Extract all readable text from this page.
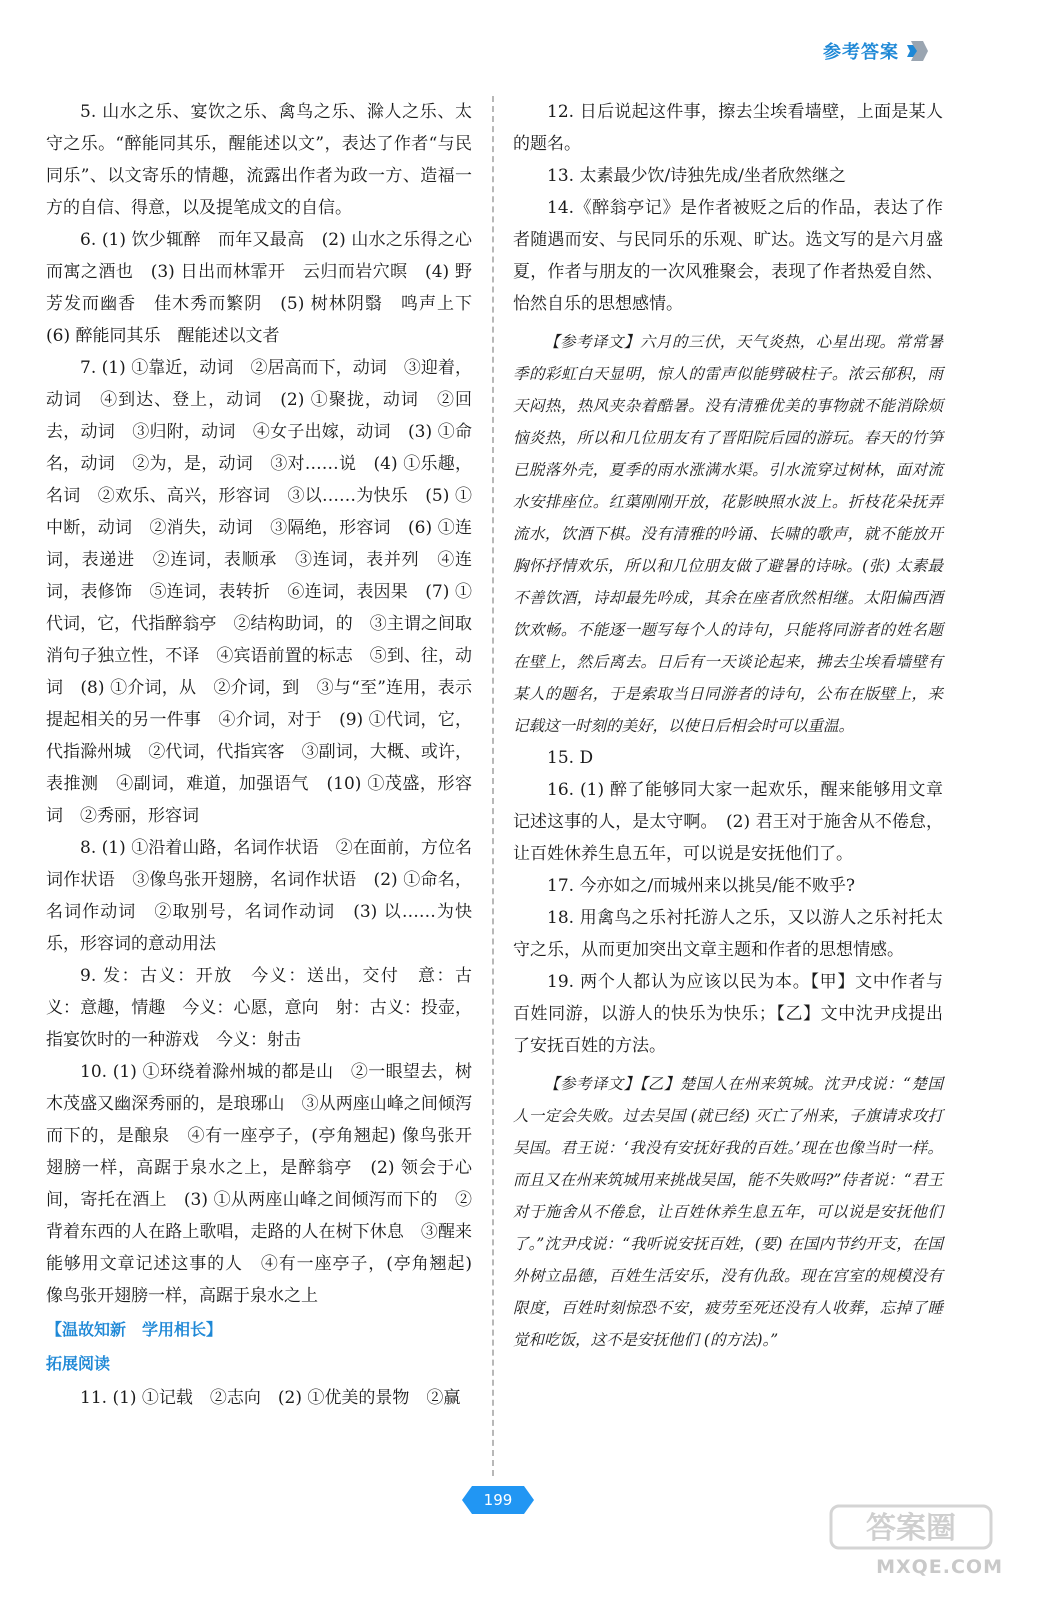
参考答案

5. 山水之乐、宴饮之乐、禽鸟之乐、滁人之乐、太守之乐。“醉能同其乐，醒能述以文”，表达了作者“与民同乐”、以文寄乐的情趣，流露出作者为政一方、造福一方的自信、得意，以及提笔成文的自信。

6. (1) 饮少辄醉　而年又最高　(2) 山水之乐得之心而寓之酒也　(3) 日出而林霏开　云归而岩穴暝　(4) 野芳发而幽香　佳木秀而繁阴　(5) 树林阴翳　鸣声上下　(6) 醉能同其乐　醒能述以文者

7. (1) ①靠近，动词　②居高而下，动词　③迎着，动词　④到达、登上，动词　(2) ①聚拢，动词　②回去，动词　③归附，动词　④女子出嫁，动词　(3) ①命名，动词　②为，是，动词　③对……说　(4) ①乐趣，名词　②欢乐、高兴，形容词　③以……为快乐　(5) ①中断，动词　②消失，动词　③隔绝，形容词　(6) ①连词，表递进　②连词，表顺承　③连词，表并列　④连词，表修饰　⑤连词，表转折　⑥连词，表因果　(7) ①代词，它，代指醉翁亭　②结构助词，的　③主谓之间取消句子独立性，不译　④宾语前置的标志　⑤到、往，动词　(8) ①介词，从　②介词，到　③与“至”连用，表示提起相关的另一件事　④介词，对于　(9) ①代词，它，代指滁州城　②代词，代指宾客　③副词，大概、或许，表推测　④副词，难道，加强语气　(10) ①茂盛，形容词　②秀丽，形容词

8. (1) ①沿着山路，名词作状语　②在面前，方位名词作状语　③像鸟张开翅膀，名词作状语　(2) ①命名，名词作动词　②取别号，名词作动词　(3) 以……为快乐，形容词的意动用法

9. 发：古义：开放　今义：送出，交付　意：古义：意趣，情趣　今义：心愿，意向　射：古义：投壶，指宴饮时的一种游戏　今义：射击

10. (1) ①环绕着滁州城的都是山　②一眼望去，树木茂盛又幽深秀丽的，是琅琊山　③从两座山峰之间倾泻而下的，是酿泉　④有一座亭子，(亭角翘起) 像鸟张开翅膀一样，高踞于泉水之上，是醉翁亭　(2) 领会于心间，寄托在酒上　(3) ①从两座山峰之间倾泻而下的　②背着东西的人在路上歌唱，走路的人在树下休息　③醒来能够用文章记述这事的人　④有一座亭子，(亭角翘起) 像鸟张开翅膀一样，高踞于泉水之上

【温故知新　学用相长】
拓展阅读

11. (1) ①记载　②志向　(2) ①优美的景物　②赢

12. 日后说起这件事，擦去尘埃看墙壁，上面是某人的题名。

13. 太素最少饮/诗独先成/坐者欣然继之

14.《醉翁亭记》是作者被贬之后的作品，表达了作者随遇而安、与民同乐的乐观、旷达。选文写的是六月盛夏，作者与朋友的一次风雅聚会，表现了作者热爱自然、怡然自乐的思想感情。

【参考译文】六月的三伏，天气炎热，心星出现。常常暑季的彩虹白天显明，惊人的雷声似能劈破柱子。浓云郁积，雨天闷热，热风夹杂着酷暑。没有清雅优美的事物就不能消除烦恼炎热，所以和几位朋友有了晋阳院后园的游玩。春天的竹笋已脱落外壳，夏季的雨水涨满水渠。引水流穿过树林，面对流水安排座位。红蕖刚刚开放，花影映照水波上。折枝花朵抚弄流水，饮酒下棋。没有清雅的吟诵、长啸的歌声，就不能放开胸怀抒情欢乐，所以和几位朋友做了避暑的诗咏。(张) 太素最不善饮酒，诗却最先吟成，其余在座者欣然相继。太阳偏西酒饮欢畅。不能逐一题写每个人的诗句，只能将同游者的姓名题在壁上，然后离去。日后有一天谈论起来，拂去尘埃看墙壁有某人的题名，于是索取当日同游者的诗句，公布在版壁上，来记载这一时刻的美好，以使日后相会时可以重温。

15. D

16. (1) 醉了能够同大家一起欢乐，醒来能够用文章记述这事的人，是太守啊。　(2) 君王对于施舍从不倦怠，让百姓休养生息五年，可以说是安抚他们了。

17. 今亦如之/而城州来以挑吴/能不败乎?

18. 用禽鸟之乐衬托游人之乐，又以游人之乐衬托太守之乐，从而更加突出文章主题和作者的思想情感。

19. 两个人都认为应该以民为本。【甲】文中作者与百姓同游，以游人的快乐为快乐；【乙】文中沈尹戌提出了安抚百姓的方法。

【参考译文】【乙】楚国人在州来筑城。沈尹戌说：“楚国人一定会失败。过去吴国 (就已经) 灭亡了州来，子旗请求攻打吴国。君王说：‘我没有安抚好我的百姓。’现在也像当时一样。而且又在州来筑城用来挑战吴国，能不失败吗?”侍者说：“君王对于施舍从不倦怠，让百姓休养生息五年，可以说是安抚他们了。”沈尹戌说：“我听说安抚百姓，(要) 在国内节约开支，在国外树立品德，百姓生活安乐，没有仇敌。现在宫室的规模没有限度，百姓时刻惊恐不安，疲劳至死还没有人收葬，忘掉了睡觉和吃饭，这不是安抚他们 (的方法)。”

199
答案圈
MXQE.COM
